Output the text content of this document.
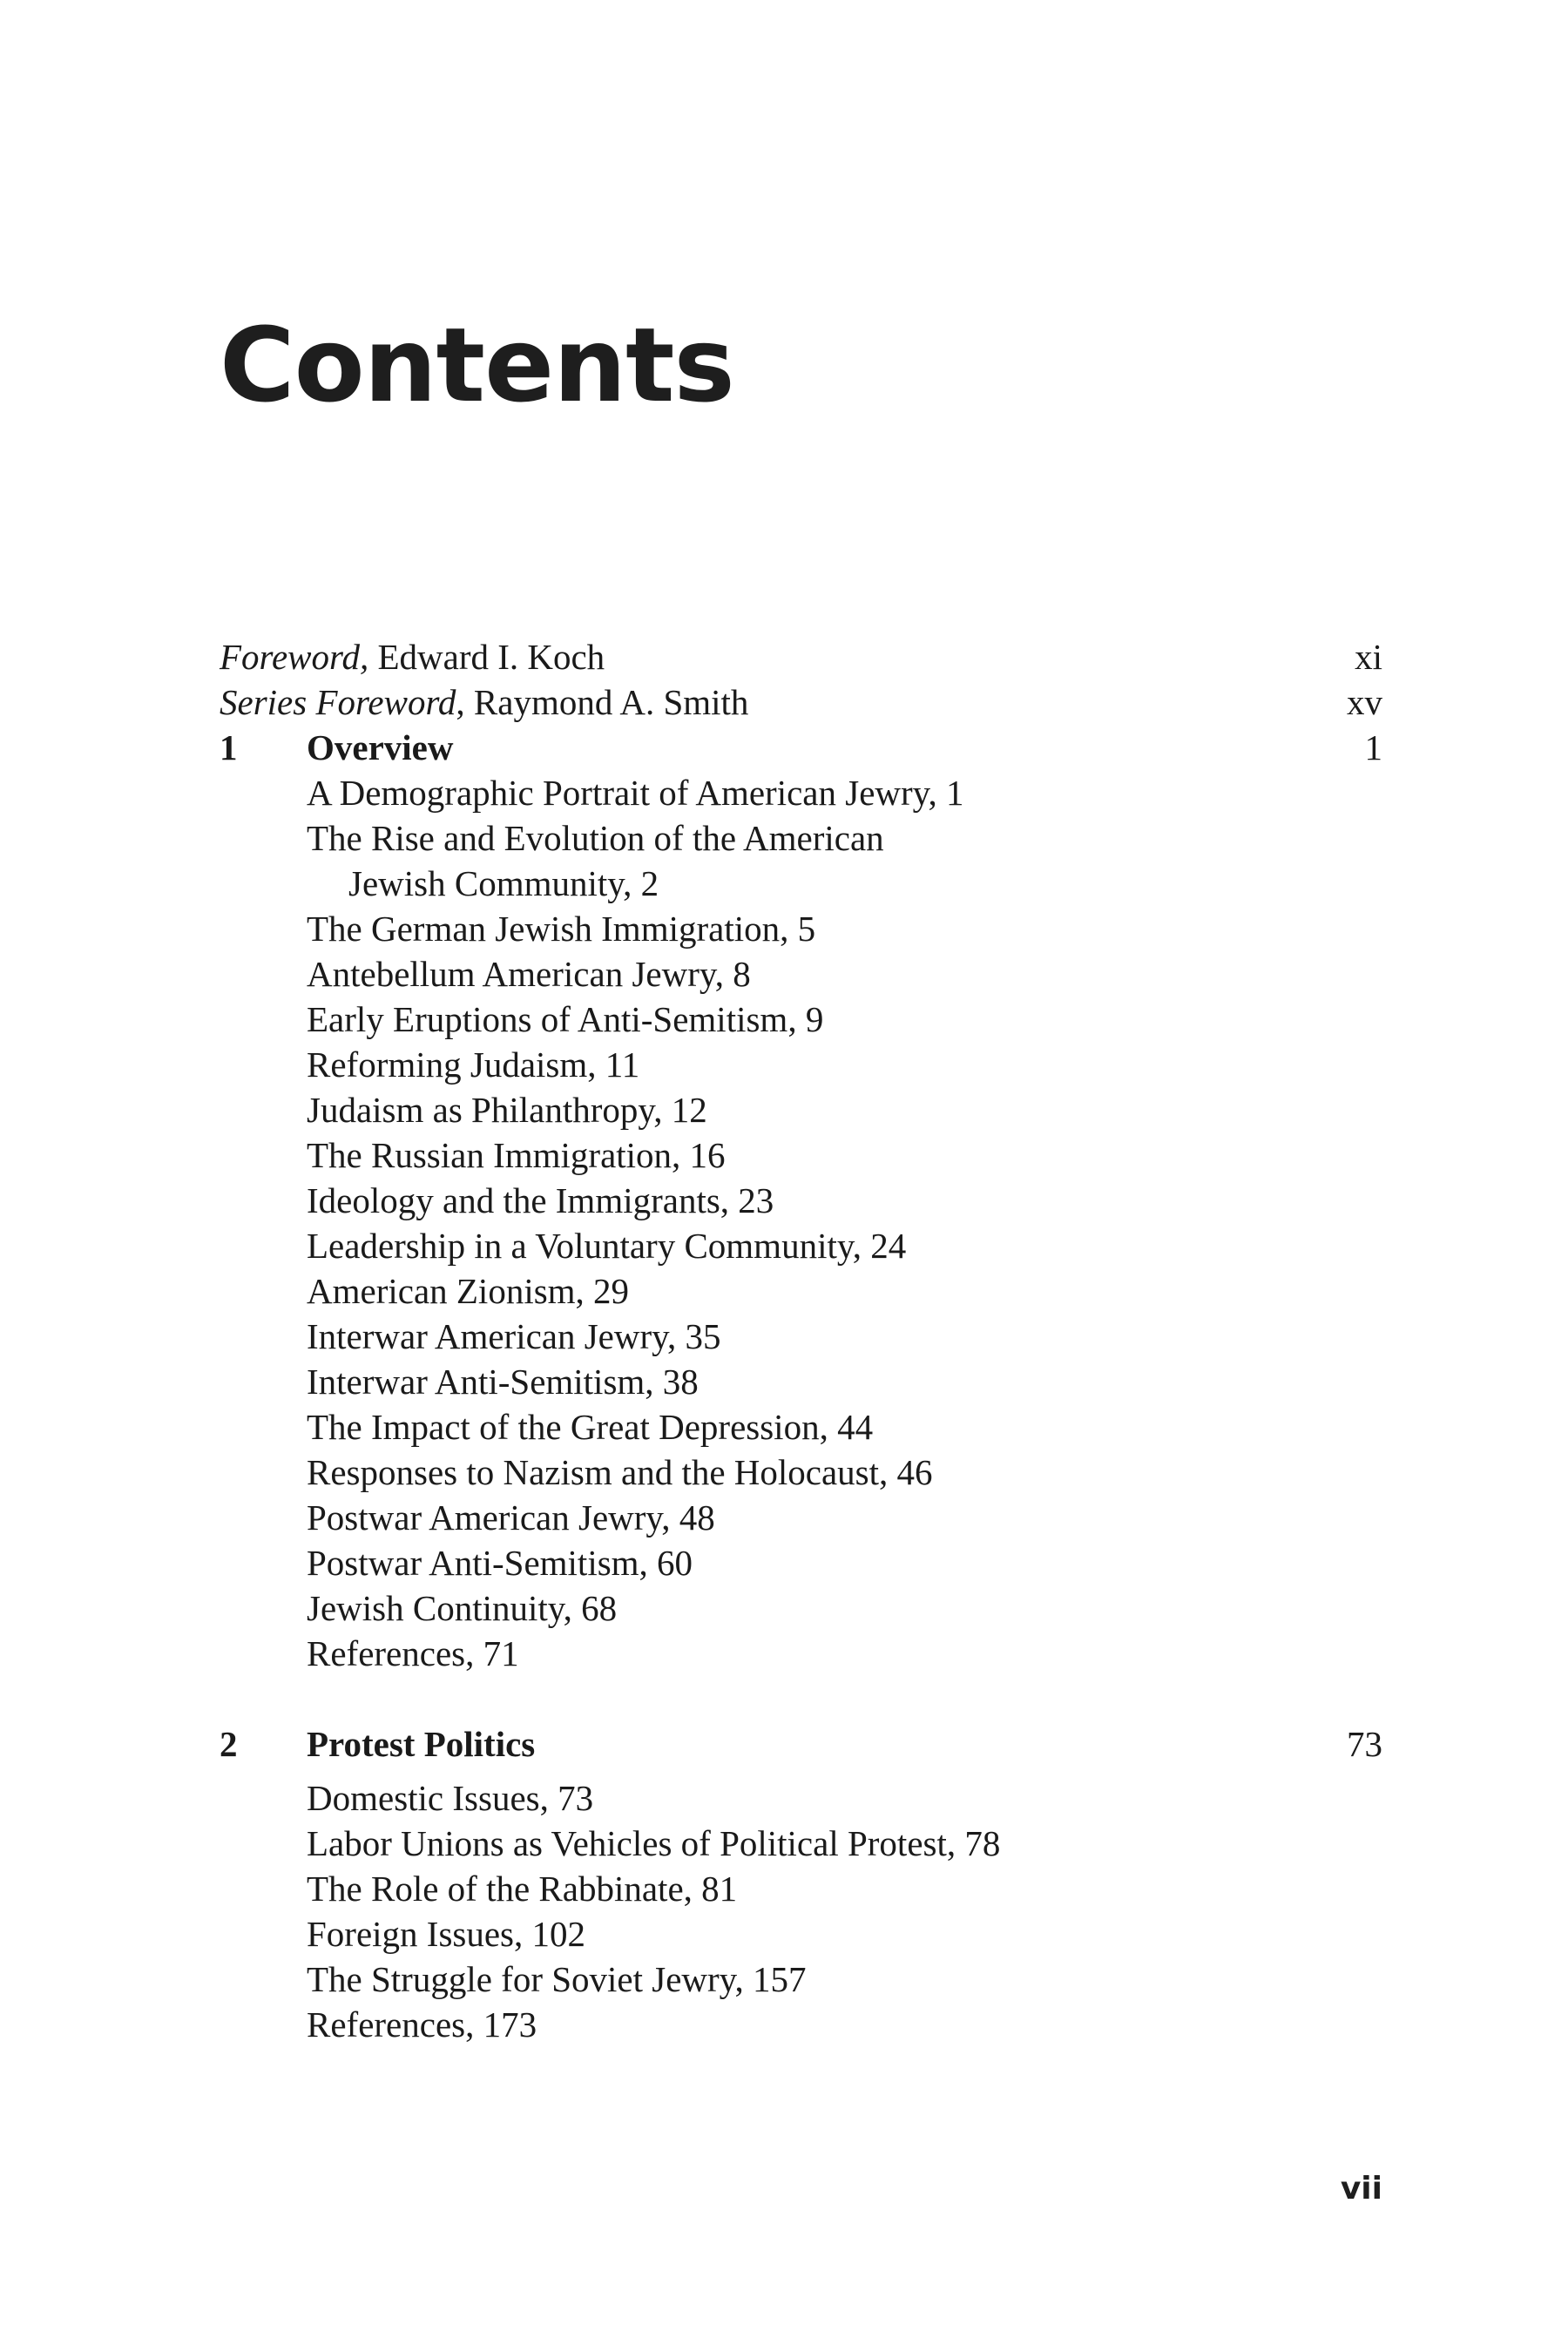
Contents
Foreword, Edward I. Koch	xi
Series Foreword, Raymond A. Smith	xv
1 Overview	1
A Demographic Portrait of American Jewry, 1
The Rise and Evolution of the American
Jewish Community, 2
The German Jewish Immigration, 5
Antebellum American Jewry, 8
Early Eruptions of Anti-Semitism, 9
Reforming Judaism, 11
Judaism as Philanthropy, 12
The Russian Immigration, 16
Ideology and the Immigrants, 23
Leadership in a Voluntary Community, 24
American Zionism, 29
Interwar American Jewry, 35
Interwar Anti-Semitism, 38
The Impact of the Great Depression, 44
Responses to Nazism and the Holocaust, 46
Postwar American Jewry, 48
Postwar Anti-Semitism, 60
Jewish Continuity, 68
References, 71
2 Protest Politics	73
Domestic Issues, 73
Labor Unions as Vehicles of Political Protest, 78
The Role of the Rabbinate, 81
Foreign Issues, 102
The Struggle for Soviet Jewry, 157
References, 173
vii
